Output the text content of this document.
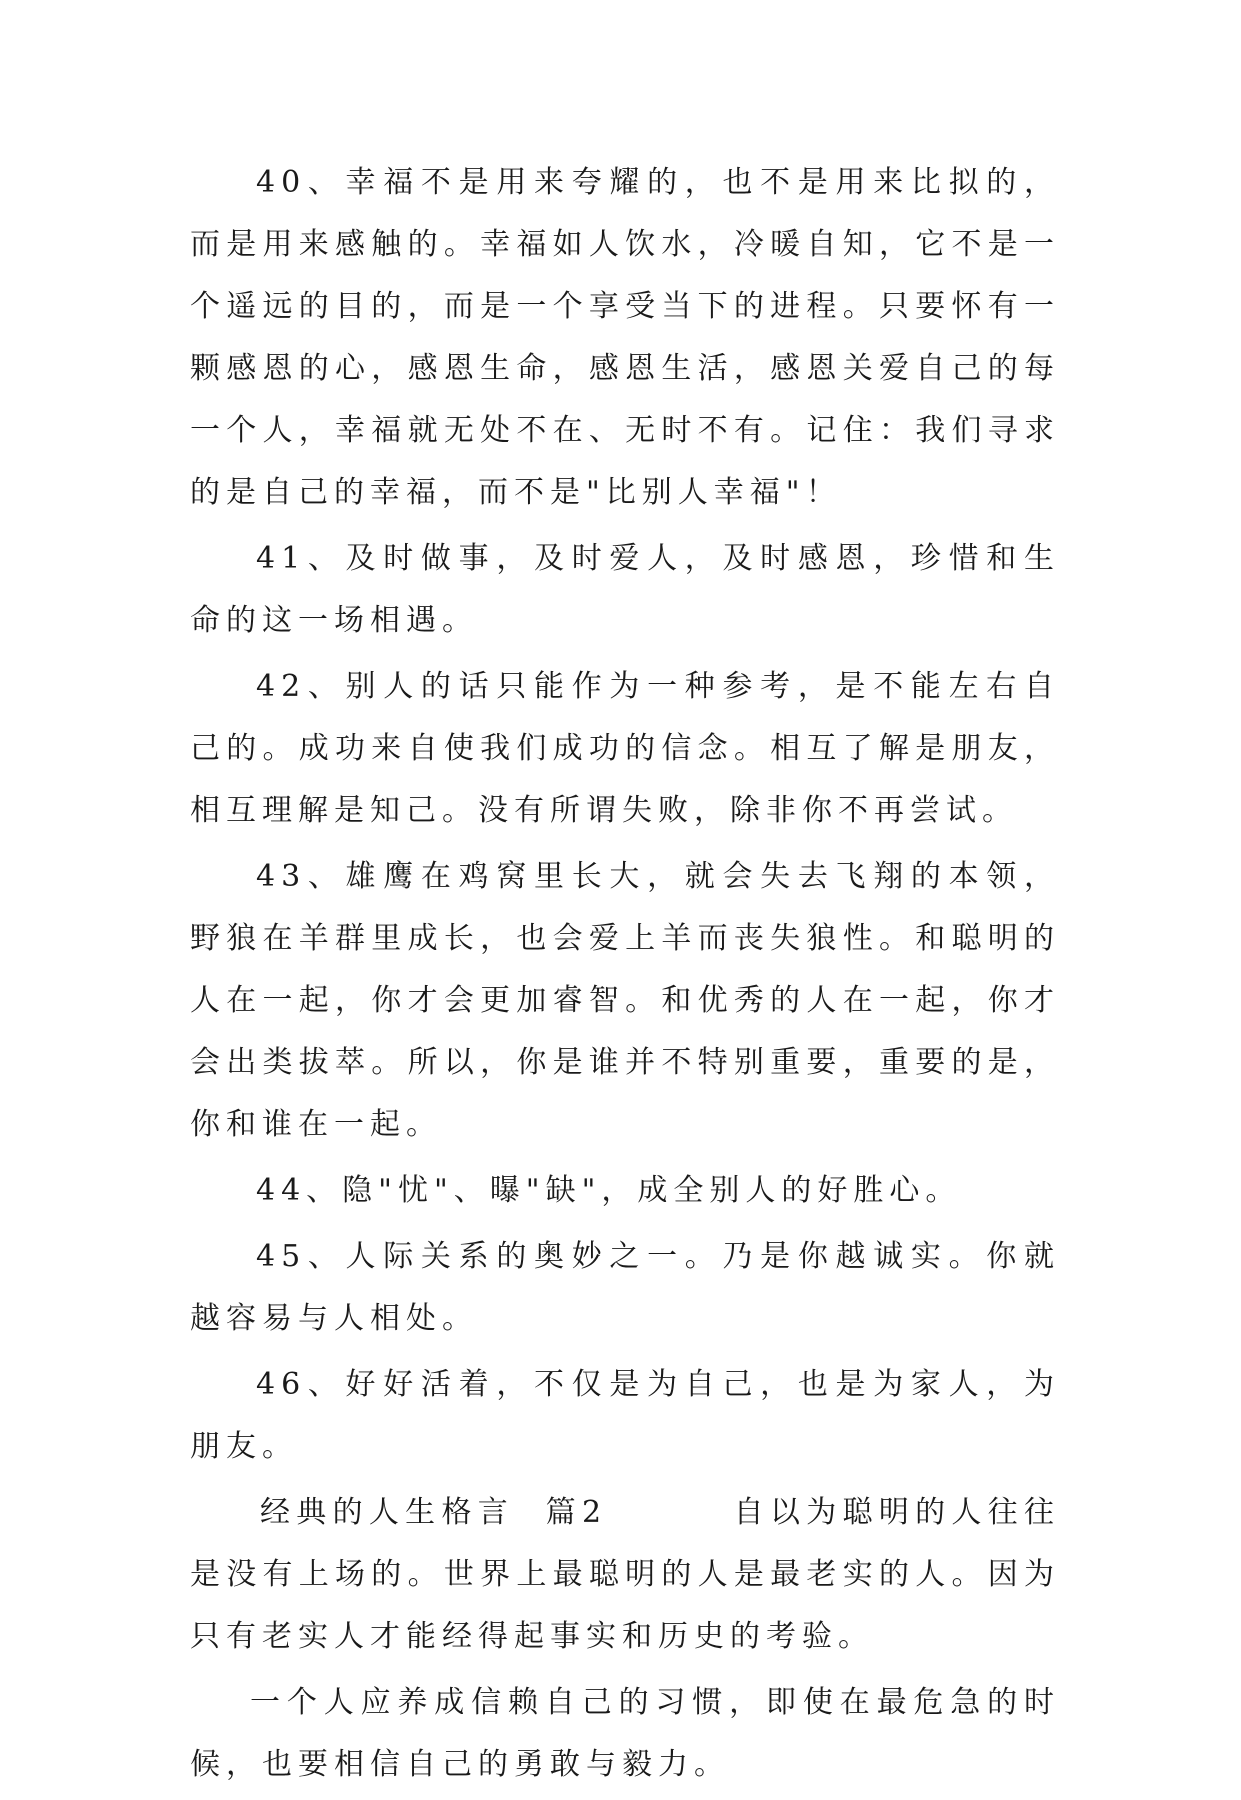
40、幸福不是用来夸耀的，也不是用来比拟的，而是用来感触的。幸福如人饮水，冷暖自知，它不是一个遥远的目的，而是一个享受当下的进程。只要怀有一颗感恩的心，感恩生命，感恩生活，感恩关爱自己的每一个人，幸福就无处不在、无时不有。记住：我们寻求的是自己的幸福，而不是"比别人幸福"！

41、及时做事，及时爱人，及时感恩，珍惜和生命的这一场相遇。

42、别人的话只能作为一种参考，是不能左右自己的。成功来自使我们成功的信念。相互了解是朋友，相互理解是知己。没有所谓失败，除非你不再尝试。

43、雄鹰在鸡窝里长大，就会失去飞翔的本领，野狼在羊群里成长，也会爱上羊而丧失狼性。和聪明的人在一起，你才会更加睿智。和优秀的人在一起，你才会出类拔萃。所以，你是谁并不特别重要，重要的是，你和谁在一起。

44、隐"忧"、曝"缺"，成全别人的好胜心。

45、人际关系的奥妙之一。乃是你越诚实。你就越容易与人相处。

46、好好活着，不仅是为自己，也是为家人，为朋友。

经典的人生格言  篇2        自以为聪明的人往往是没有上场的。世界上最聪明的人是最老实的人。因为只有老实人才能经得起事实和历史的考验。

一个人应养成信赖自己的习惯，即使在最危急的时候，也要相信自己的勇敢与毅力。
